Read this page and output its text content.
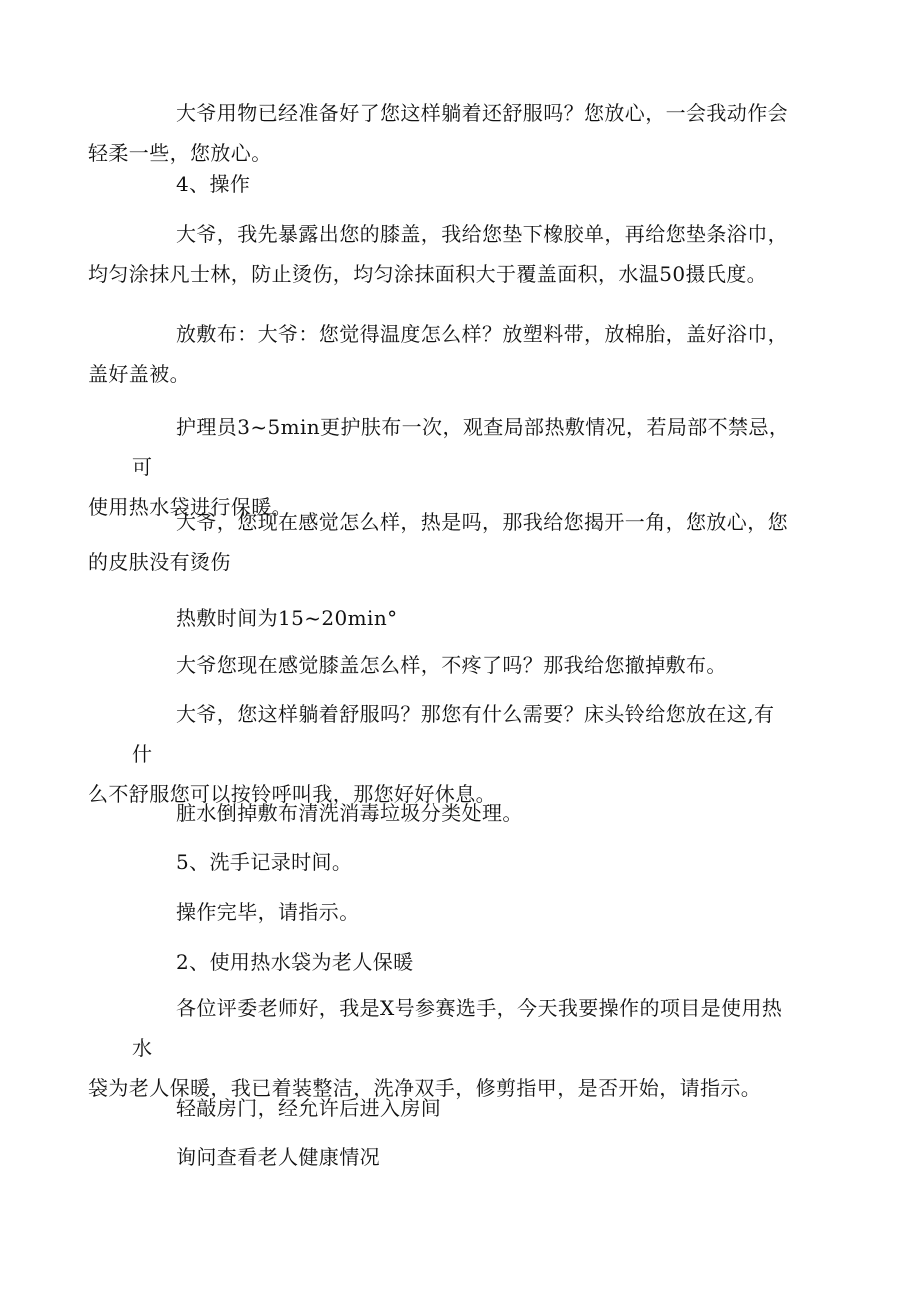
大爷用物已经准备好了您这样躺着还舒服吗？您放心，一会我动作会
轻柔一些，您放心。

4、操作

大爷，我先暴露出您的膝盖，我给您垫下橡胶单，再给您垫条浴巾，
均匀涂抹凡士林，防止烫伤，均匀涂抹面积大于覆盖面积，水温50摄氏度。

放敷布：大爷：您觉得温度怎么样？放塑料带，放棉胎，盖好浴巾，
盖好盖被。

护理员3~5min更护肤布一次，观查局部热敷情况，若局部不禁忌，可
使用热水袋进行保暖。

大爷，您现在感觉怎么样，热是吗，那我给您揭开一角，您放心，您
的皮肤没有烫伤

热敷时间为15~20min°

大爷您现在感觉膝盖怎么样，不疼了吗？那我给您撤掉敷布。

大爷，您这样躺着舒服吗？那您有什么需要？床头铃给您放在这,有什
么不舒服您可以按铃呼叫我，那您好好休息。

脏水倒掉敷布清洗消毒垃圾分类处理。

5、洗手记录时间。

操作完毕，请指示。

2、使用热水袋为老人保暖

各位评委老师好，我是X号参赛选手，今天我要操作的项目是使用热水
袋为老人保暖，我已着装整洁，洗净双手，修剪指甲，是否开始，请指示。

轻敲房门，经允许后进入房间

询问查看老人健康情况
